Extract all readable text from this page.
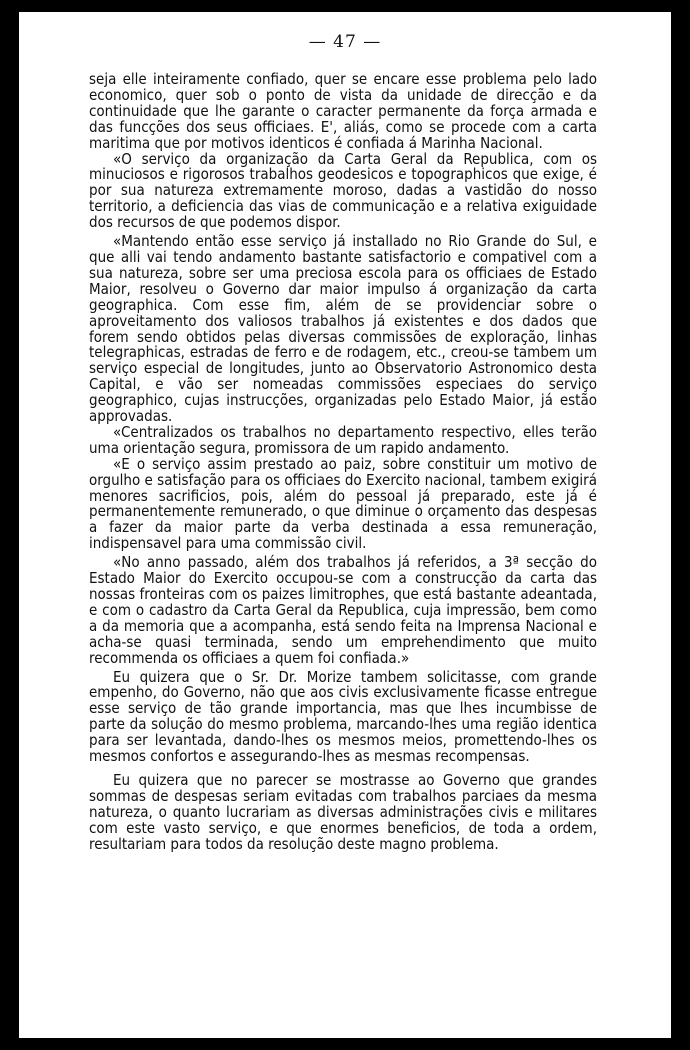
— 47 —

seja elle inteiramente confiado, quer se encare esse problema pelo lado economico, quer sob o ponto de vista da unidade de direcção e da continuidade que lhe garante o caracter permanente da força armada e das funcções dos seus officiaes. E', aliás, como se procede com a carta maritima que por motivos identicos é confiada á Marinha Nacional.

«O serviço da organização da Carta Geral da Republica, com os minuciosos e rigorosos trabalhos geodesicos e topographicos que exige, é por sua natureza extremamente moroso, dadas a vastidão do nosso territorio, a deficiencia das vias de communicação e a relativa exiguidade dos recursos de que podemos dispor.

«Mantendo então esse serviço já installado no Rio Grande do Sul, e que alli vai tendo andamento bastante satisfactorio e compativel com a sua natureza, sobre ser uma preciosa escola para os officiaes de Estado Maior, resolveu o Governo dar maior impulso á organização da carta geographica. Com esse fim, além de se providenciar sobre o aproveitamento dos valiosos trabalhos já existentes e dos dados que forem sendo obtidos pelas diversas commissões de exploração, linhas telegraphicas, estradas de ferro e de rodagem, etc., creou-se tambem um serviço especial de longitudes, junto ao Observatorio Astronomico desta Capital, e vão ser nomeadas commissões especiaes do serviço geographico, cujas instrucções, organizadas pelo Estado Maior, já estão approvadas.

«Centralizados os trabalhos no departamento respectivo, elles terão uma orientação segura, promissora de um rapido andamento.

«E o serviço assim prestado ao paiz, sobre constituir um motivo de orgulho e satisfação para os officiaes do Exercito nacional, tambem exigirá menores sacrificios, pois, além do pessoal já preparado, este já é permanentemente remunerado, o que diminue o orçamento das despesas a fazer da maior parte da verba destinada a essa remuneração, indispensavel para uma commissão civil.

«No anno passado, além dos trabalhos já referidos, a 3ª secção do Estado Maior do Exercito occupou-se com a construcção da carta das nossas fronteiras com os paizes limitrophes, que está bastante adeantada, e com o cadastro da Carta Geral da Republica, cuja impressão, bem como a da memoria que a acompanha, está sendo feita na Imprensa Nacional e acha-se quasi terminada, sendo um emprehendimento que muito recommenda os officiaes a quem foi confiada.»

Eu quizera que o Sr. Dr. Morize tambem solicitasse, com grande empenho, do Governo, não que aos civis exclusivamente ficasse entregue esse serviço de tão grande importancia, mas que lhes incumbisse de parte da solução do mesmo problema, marcando-lhes uma região identica para ser levantada, dando-lhes os mesmos meios, promettendo-lhes os mesmos confortos e assegurando-lhes as mesmas recompensas.

Eu quizera que no parecer se mostrasse ao Governo que grandes sommas de despesas seriam evitadas com trabalhos parciaes da mesma natureza, o quanto lucrariam as diversas administrações civis e militares com este vasto serviço, e que enormes beneficios, de toda a ordem, resultariam para todos da resolução deste magno problema.
